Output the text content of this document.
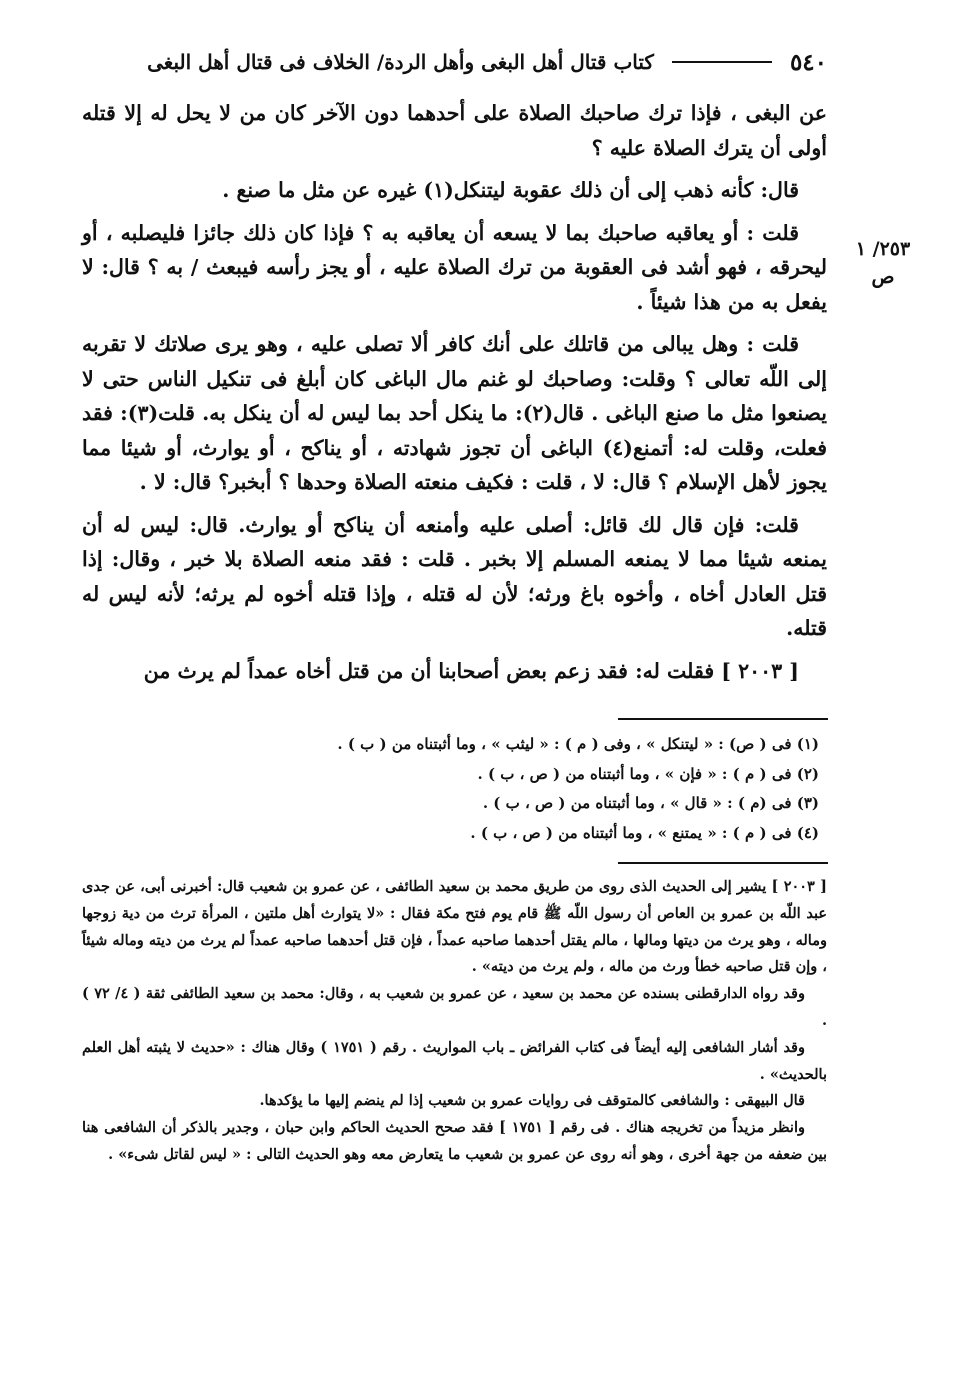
٥٤٠
كتاب قتال أهل البغى وأهل الردة/ الخلاف فى قتال أهل البغى
٢٥٣/ ١
ص

عن البغى ، فإذا ترك صاحبك الصلاة على أحدهما دون الآخر كان من لا يحل له إلا قتله أولى أن يترك الصلاة عليه ؟

قال: كأنه ذهب إلى أن ذلك عقوبة ليتنكل(١) غيره عن مثل ما صنع .

قلت : أو يعاقبه صاحبك بما لا يسعه أن يعاقبه به ؟ فإذا كان ذلك جائزا فليصلبه ، أو ليحرقه ، فهو أشد فى العقوبة من ترك الصلاة عليه ، أو يجز رأسه فيبعث / به ؟ قال: لا يفعل به من هذا شيئاً .

قلت : وهل يبالى من قاتلك على أنك كافر ألا تصلى عليه ، وهو يرى صلاتك لا تقربه إلى اللّه تعالى ؟ وقلت: وصاحبك لو غنم مال الباغى كان أبلغ فى تنكيل الناس حتى لا يصنعوا مثل ما صنع الباغى . قال(٢): ما ينكل أحد بما ليس له أن ينكل به. قلت(٣): فقد فعلت، وقلت له: أتمنع(٤) الباغى أن تجوز شهادته ، أو يناكح ، أو يوارث، أو شيئا مما يجوز لأهل الإسلام ؟ قال: لا ، قلت : فكيف منعته الصلاة وحدها ؟ أبخبر؟ قال: لا .

قلت: فإن قال لك قائل: أصلى عليه وأمنعه أن يناكح أو يوارث. قال: ليس له أن يمنعه شيئا مما لا يمنعه المسلم إلا بخبر . قلت : فقد منعه الصلاة بلا خبر ، وقال: إذا قتل العادل أخاه ، وأخوه باغ ورثه؛ لأن له قتله ، وإذا قتله أخوه لم يرثه؛ لأنه ليس له قتله.

[ ٢٠٠٣ ] فقلت له: فقد زعم بعض أصحابنا أن من قتل أخاه عمداً لم يرث من

(١) فى ( ص) : « ليتنكل » ، وفى ( م ) : « ليثب » ، وما أثبتناه من ( ب ) .
(٢) فى ( م ) : « فإن » ، وما أثبتناه من ( ص ، ب ) .
(٣) فى (م ) : « قال » ، وما أثبتناه من ( ص ، ب ) .
(٤) فى ( م ) : « يمتنع » ، وما أثبتناه من ( ص ، ب ) .

[ ٢٠٠٣ ] يشير إلى الحديث الذى روى من طريق محمد بن سعيد الطائفى ، عن عمرو بن شعيب قال: أخبرنى أبى، عن جدى عبد اللّه بن عمرو بن العاص أن رسول اللّه ﷺ قام يوم فتح مكة فقال : «لا يتوارث أهل ملتين ، المرأة ترث من دية زوجها وماله ، وهو يرث من ديتها ومالها ، مالم يقتل أحدهما صاحبه عمداً ، فإن قتل أحدهما صاحبه عمداً لم يرث من ديته وماله شيئاً ، وإن قتل صاحبه خطأ ورث من ماله ، ولم يرث من ديته» .

وقد رواه الدارقطنى بسنده عن محمد بن سعيد ، عن عمرو بن شعيب به ، وقال: محمد بن سعيد الطائفى ثقة ( ٤/ ٧٢ ) .

وقد أشار الشافعى إليه أيضاً فى كتاب الفرائض ـ باب المواريث . رقم ( ١٧٥١ ) وقال هناك : «حديث لا يثبته أهل العلم بالحديث» .

قال البيهقى : والشافعى كالمتوقف فى روايات عمرو بن شعيب إذا لم ينضم إليها ما يؤكدها.

وانظر مزيداً من تخريجه هناك . فى رقم [ ١٧٥١ ] فقد صحح الحديث الحاكم وابن حبان ، وجدير بالذكر أن الشافعى هنا بين ضعفه من جهة أخرى ، وهو أنه روى عن عمرو بن شعيب ما يتعارض معه وهو الحديث التالى : « ليس لقاتل شىء» .
